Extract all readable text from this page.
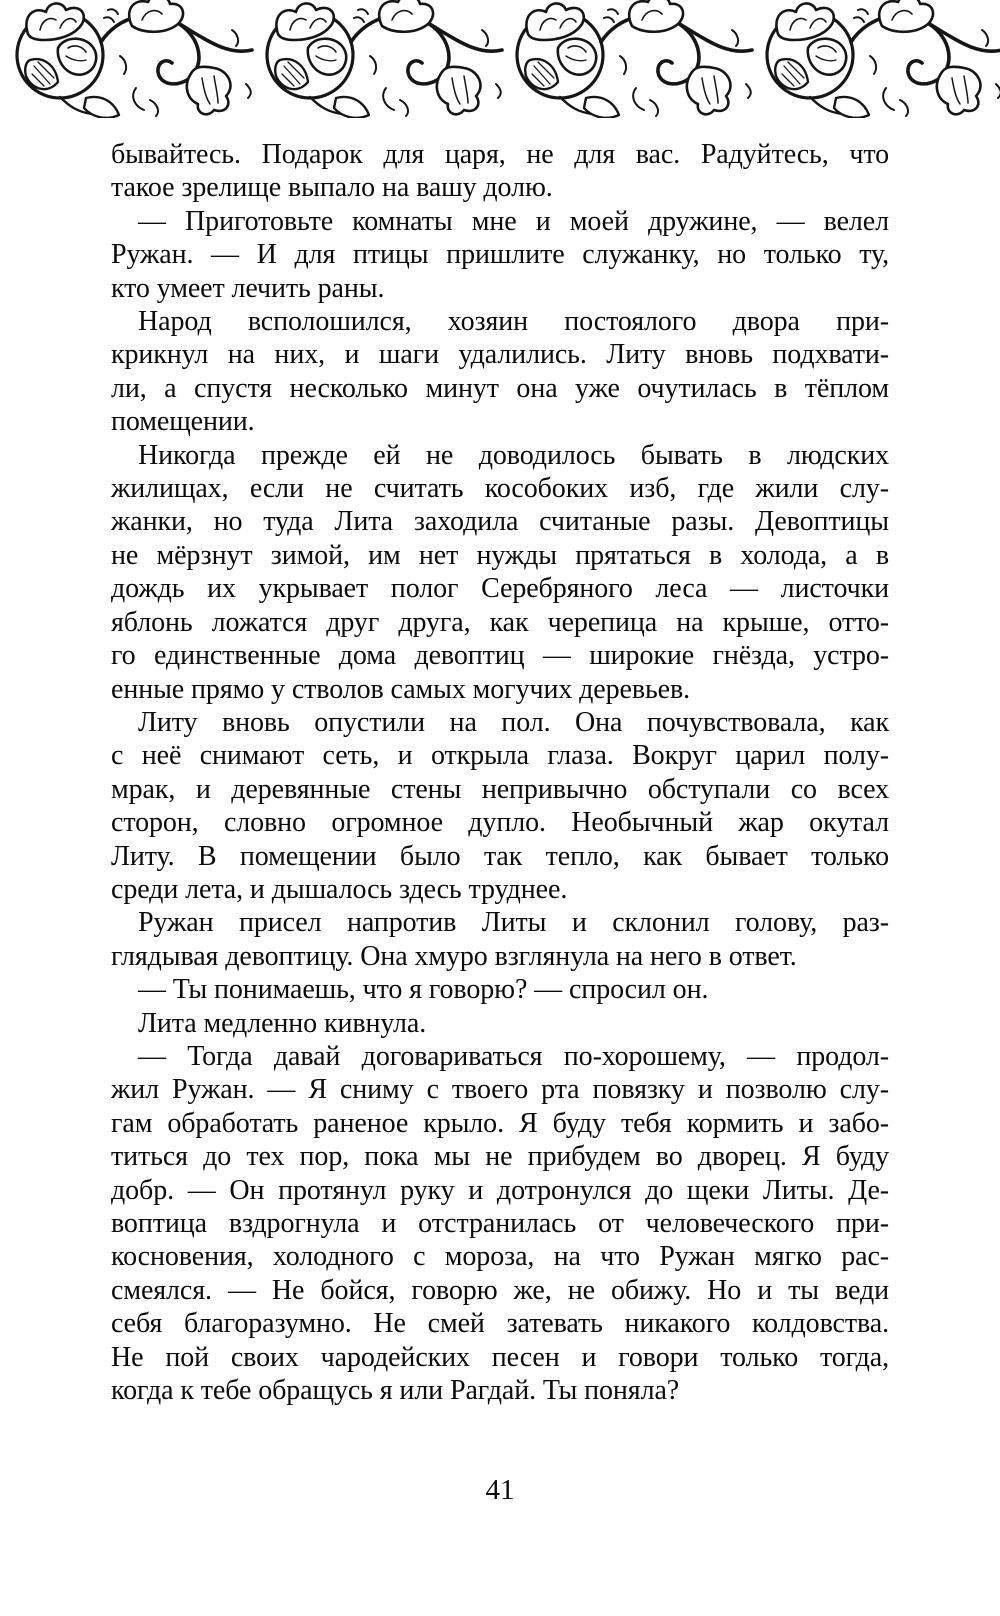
бывайтесь. Подарок для царя, не для вас. Радуйтесь, что
такое зрелище выпало на вашу долю.
— Приготовьте комнаты мне и моей дружине, — велел
Ружан. — И для птицы пришлите служанку, но только ту,
кто умеет лечить раны.
Народ всполошился, хозяин постоялого двора при-
крикнул на них, и шаги удалились. Литу вновь подхвати-
ли, а спустя несколько минут она уже очутилась в тёплом
помещении.
Никогда прежде ей не доводилось бывать в людских
жилищах, если не считать кособоких изб, где жили слу-
жанки, но туда Лита заходила считаные разы. Девоптицы
не мёрзнут зимой, им нет нужды прятаться в холода, а в
дождь их укрывает полог Серебряного леса — листочки
яблонь ложатся друг друга, как черепица на крыше, отто-
го единственные дома девоптиц — широкие гнёзда, устро-
енные прямо у стволов самых могучих деревьев.
Литу вновь опустили на пол. Она почувствовала, как
с неё снимают сеть, и открыла глаза. Вокруг царил полу-
мрак, и деревянные стены непривычно обступали со всех
сторон, словно огромное дупло. Необычный жар окутал
Литу. В помещении было так тепло, как бывает только
среди лета, и дышалось здесь труднее.
Ружан присел напротив Литы и склонил голову, раз-
глядывая девоптицу. Она хмуро взглянула на него в ответ.
— Ты понимаешь, что я говорю? — спросил он.
Лита медленно кивнула.
— Тогда давай договариваться по-хорошему, — продол-
жил Ружан. — Я сниму с твоего рта повязку и позволю слу-
гам обработать раненое крыло. Я буду тебя кормить и забо-
титься до тех пор, пока мы не прибудем во дворец. Я буду
добр. — Он протянул руку и дотронулся до щеки Литы. Де-
воптица вздрогнула и отстранилась от человеческого при-
косновения, холодного с мороза, на что Ружан мягко рас-
смеялся. — Не бойся, говорю же, не обижу. Но и ты веди
себя благоразумно. Не смей затевать никакого колдовства.
Не пой своих чародейских песен и говори только тогда,
когда к тебе обращусь я или Рагдай. Ты поняла?
41
